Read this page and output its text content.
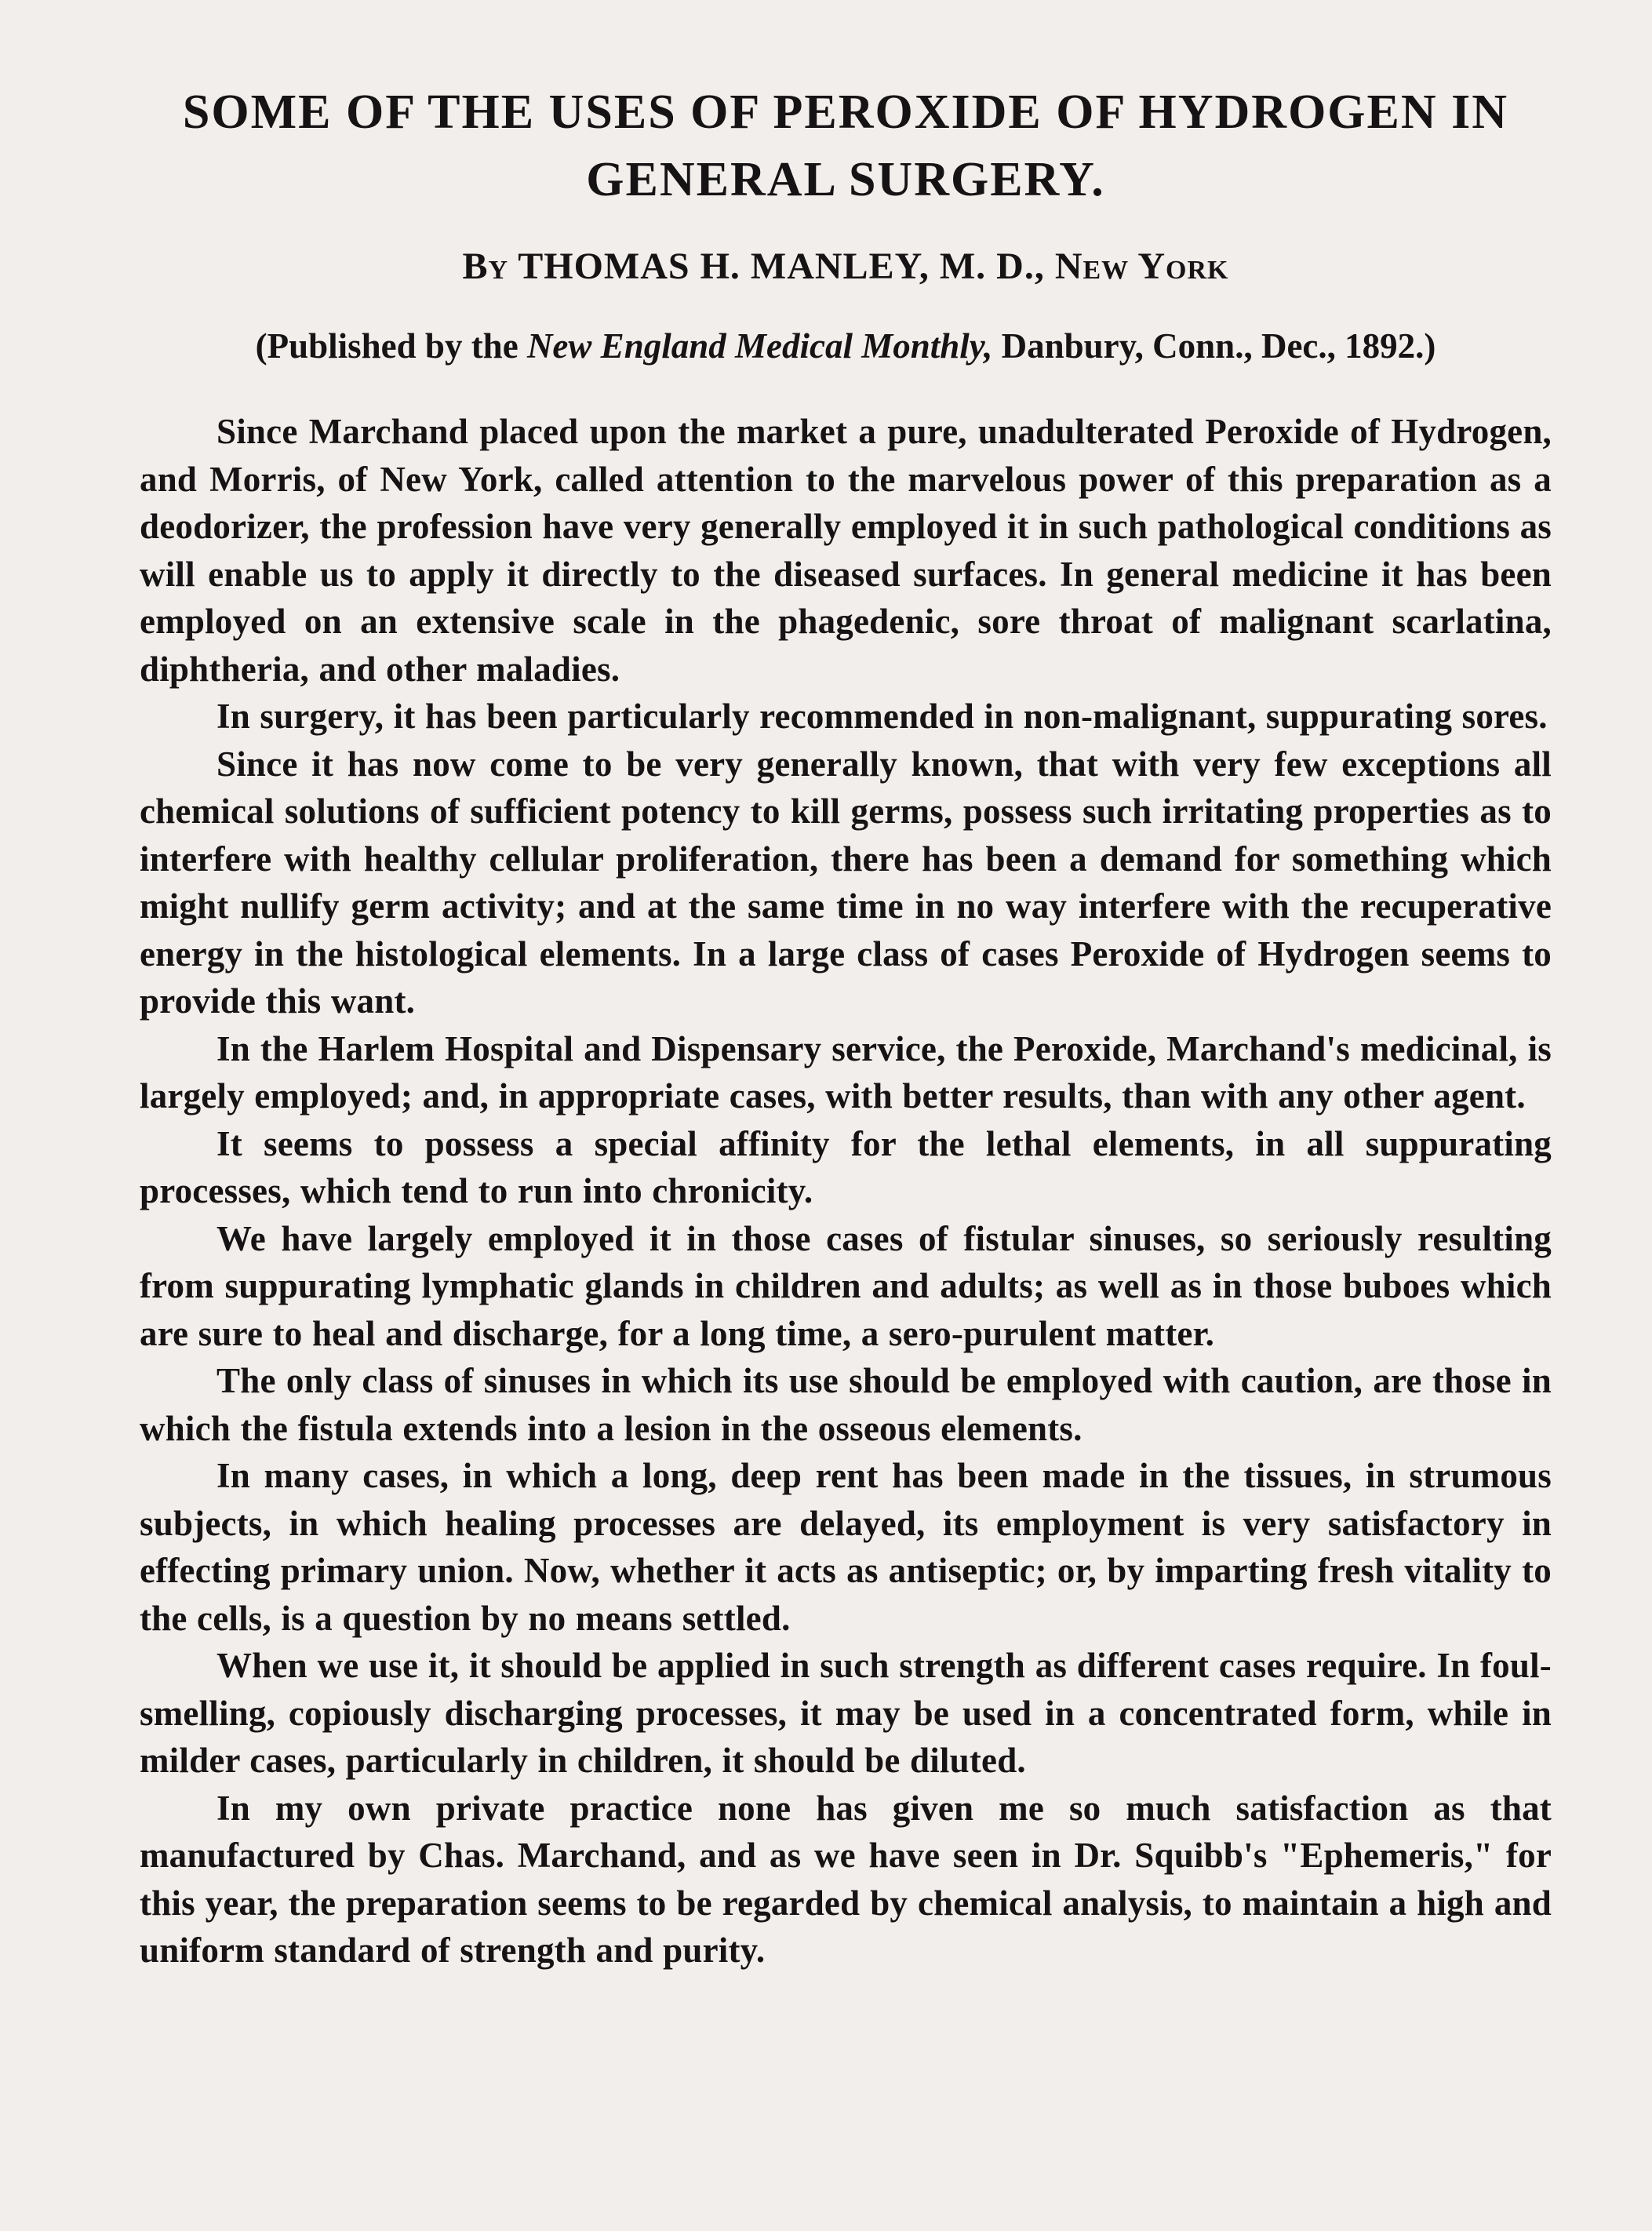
SOME OF THE USES OF PEROXIDE OF HYDROGEN IN GENERAL SURGERY.
By THOMAS H. MANLEY, M. D., New York
(Published by the New England Medical Monthly, Danbury, Conn., Dec., 1892.)

Since Marchand placed upon the market a pure, unadulterated Peroxide of Hydrogen, and Morris, of New York, called attention to the marvelous power of this preparation as a deodorizer, the profession have very generally employed it in such pathological conditions as will enable us to apply it directly to the diseased surfaces. In general medicine it has been employed on an extensive scale in the phagedenic, sore throat of malignant scarlatina, diphtheria, and other maladies.

In surgery, it has been particularly recommended in non-malignant, suppurating sores.

Since it has now come to be very generally known, that with very few exceptions all chemical solutions of sufficient potency to kill germs, possess such irritating properties as to interfere with healthy cellular proliferation, there has been a demand for something which might nullify germ activity; and at the same time in no way interfere with the recuperative energy in the histological elements. In a large class of cases Peroxide of Hydrogen seems to provide this want.

In the Harlem Hospital and Dispensary service, the Peroxide, Marchand's medicinal, is largely employed; and, in appropriate cases, with better results, than with any other agent.

It seems to possess a special affinity for the lethal elements, in all suppurating processes, which tend to run into chronicity.

We have largely employed it in those cases of fistular sinuses, so seriously resulting from suppurating lymphatic glands in children and adults; as well as in those buboes which are sure to heal and discharge, for a long time, a sero-purulent matter.

The only class of sinuses in which its use should be employed with caution, are those in which the fistula extends into a lesion in the osseous elements.

In many cases, in which a long, deep rent has been made in the tissues, in strumous subjects, in which healing processes are delayed, its employment is very satisfactory in effecting primary union. Now, whether it acts as antiseptic; or, by imparting fresh vitality to the cells, is a question by no means settled.

When we use it, it should be applied in such strength as different cases require. In foul-smelling, copiously discharging processes, it may be used in a concentrated form, while in milder cases, particularly in children, it should be diluted.

In my own private practice none has given me so much satisfaction as that manufactured by Chas. Marchand, and as we have seen in Dr. Squibb's "Ephemeris," for this year, the preparation seems to be regarded by chemical analysis, to maintain a high and uniform standard of strength and purity.
